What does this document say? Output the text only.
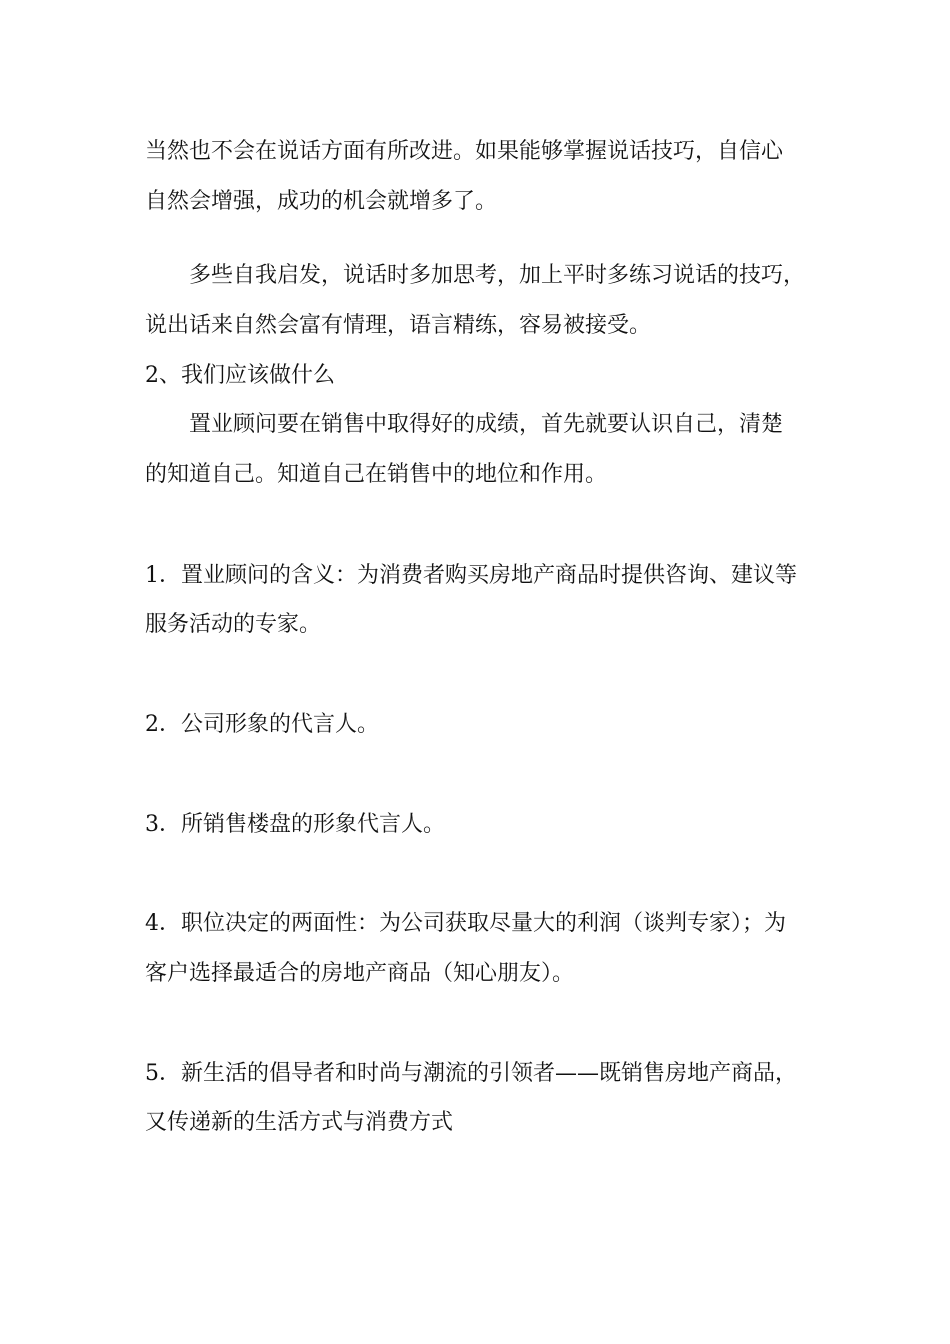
当然也不会在说话方面有所改进。如果能够掌握说话技巧，自信心
自然会增强，成功的机会就增多了。
多些自我启发，说话时多加思考，加上平时多练习说话的技巧，
说出话来自然会富有情理，语言精练，容易被接受。
2、我们应该做什么
置业顾问要在销售中取得好的成绩，首先就要认识自己，清楚
的知道自己。知道自己在销售中的地位和作用。
1．置业顾问的含义：为消费者购买房地产商品时提供咨询、建议等
服务活动的专家。
2．公司形象的代言人。
3．所销售楼盘的形象代言人。
4．职位决定的两面性：为公司获取尽量大的利润（谈判专家）；为
客户选择最适合的房地产商品（知心朋友）。
5．新生活的倡导者和时尚与潮流的引领者——既销售房地产商品，
又传递新的生活方式与消费方式
